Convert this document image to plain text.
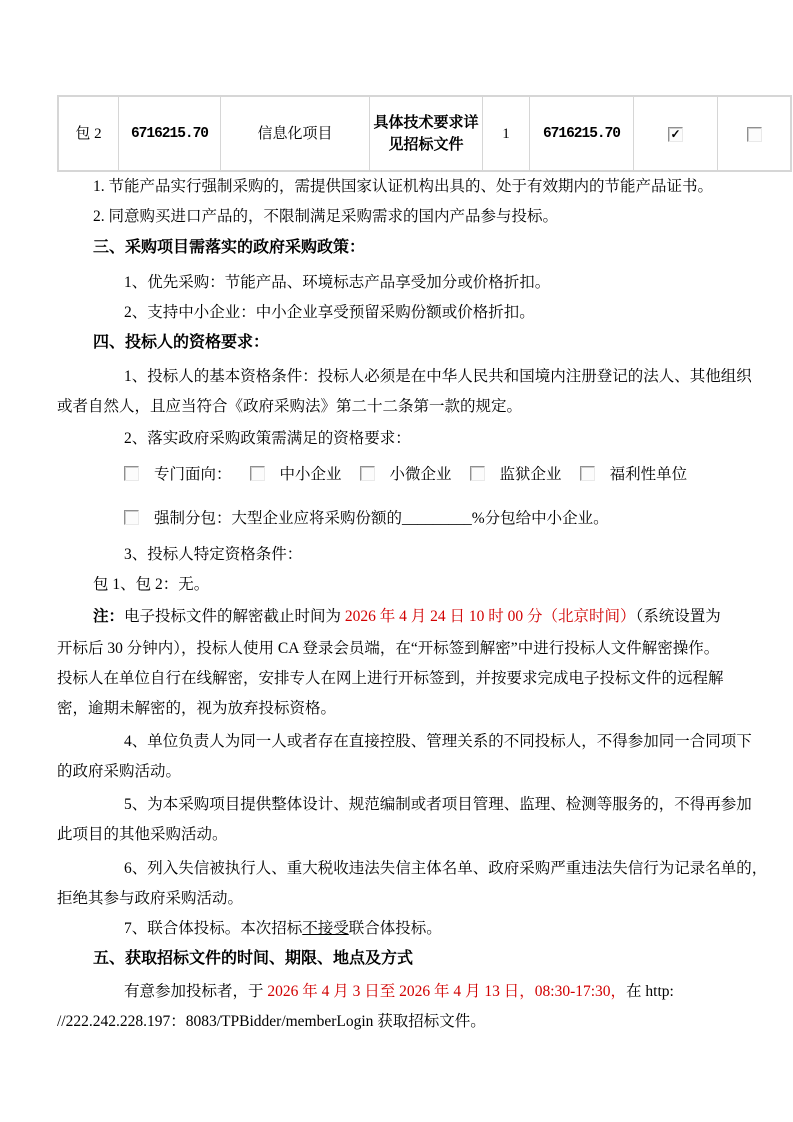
包 2	6716215.70	信息化项目	具体技术要求详见招标文件	1	6716215.70	✓	
1. 节能产品实行强制采购的，需提供国家认证机构出具的、处于有效期内的节能产品证书。
2. 同意购买进口产品的，不限制满足采购需求的国内产品参与投标。
三、采购项目需落实的政府采购政策：
1、优先采购：节能产品、环境标志产品享受加分或价格折扣。
2、支持中小企业：中小企业享受预留采购份额或价格折扣。
四、投标人的资格要求：
1、投标人的基本资格条件：投标人必须是在中华人民共和国境内注册登记的法人、其他组织
或者自然人，且应当符合《政府采购法》第二十二条第一款的规定。
2、落实政府采购政策需满足的资格要求：
专门面向：	中小企业	小微企业	监狱企业	福利性单位
强制分包：大型企业应将采购份额的_________%分包给中小企业。
3、投标人特定资格条件：
包 1、包 2：无。
注：电子投标文件的解密截止时间为 2026 年 4 月 24 日 10 时 00 分（北京时间）（系统设置为
开标后 30 分钟内），投标人使用 CA 登录会员端，在“开标签到解密”中进行投标人文件解密操作。
投标人在单位自行在线解密，安排专人在网上进行开标签到，并按要求完成电子投标文件的远程解
密，逾期未解密的，视为放弃投标资格。
4、单位负责人为同一人或者存在直接控股、管理关系的不同投标人，不得参加同一合同项下
的政府采购活动。
5、为本采购项目提供整体设计、规范编制或者项目管理、监理、检测等服务的，不得再参加
此项目的其他采购活动。
6、列入失信被执行人、重大税收违法失信主体名单、政府采购严重违法失信行为记录名单的，
拒绝其参与政府采购活动。
7、联合体投标。本次招标不接受联合体投标。
五、获取招标文件的时间、期限、地点及方式
有意参加投标者，于 2026 年 4 月 3 日至 2026 年 4 月 13 日，08:30-17:30，在 http:
//222.242.228.197：8083/TPBidder/memberLogin 获取招标文件。
